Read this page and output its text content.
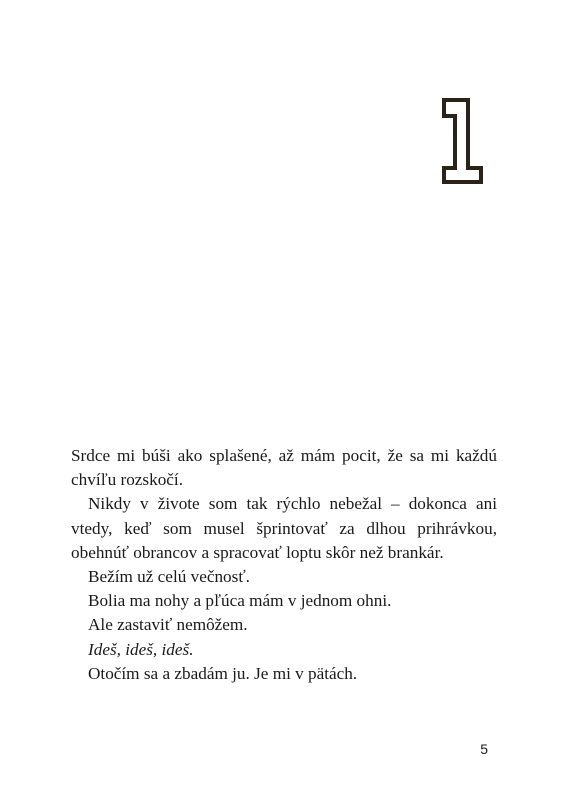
Srdce mi búši ako splašené, až mám pocit, že sa mi každú chvíľu rozskočí.

Nikdy v živote som tak rýchlo nebežal – dokonca ani vtedy, keď som musel šprintovať za dlhou prihrávkou, obehnúť obrancov a spracovať loptu skôr než brankár.

Bežím už celú večnosť.

Bolia ma nohy a pľúca mám v jednom ohni.

Ale zastaviť nemôžem.

Ideš, ideš, ideš.

Otočím sa a zbadám ju. Je mi v pätách.

5
